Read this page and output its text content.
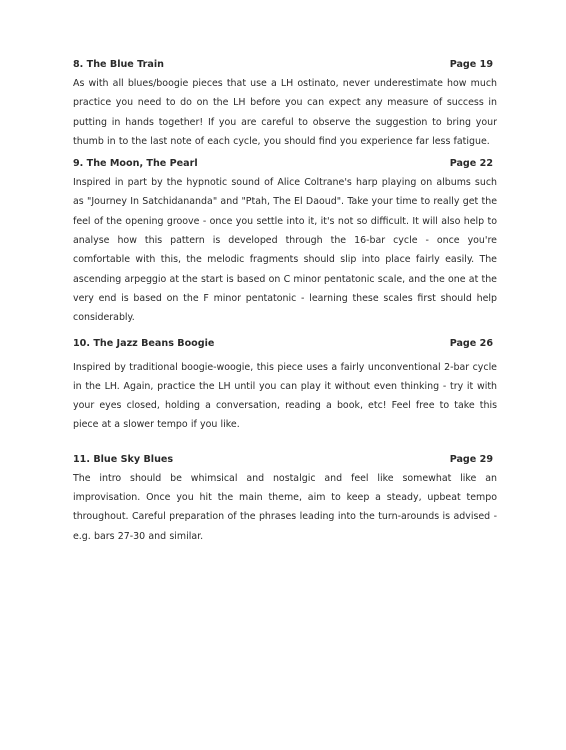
8. The Blue Train	Page 19

As with all blues/boogie pieces that use a LH ostinato, never underestimate how much practice you need to do on the LH before you can expect any measure of success in putting in hands together! If you are careful to observe the suggestion to bring your thumb in to the last note of each cycle, you should find you experience far less fatigue.

9. The Moon, The Pearl	Page 22

Inspired in part by the hypnotic sound of Alice Coltrane's harp playing on albums such as "Journey In Satchidananda" and "Ptah, The El Daoud". Take your time to really get the feel of the opening groove - once you settle into it, it's not so difficult. It will also help to analyse how this pattern is developed through the 16-bar cycle - once you're comfortable with this, the melodic fragments should slip into place fairly easily. The ascending arpeggio at the start is based on C minor pentatonic scale, and the one at the very end is based on the F minor pentatonic - learning these scales first should help considerably.

10. The Jazz Beans Boogie	Page 26

Inspired by traditional boogie-woogie, this piece uses a fairly unconventional 2-bar cycle in the LH. Again, practice the LH until you can play it without even thinking - try it with your eyes closed, holding a conversation, reading a book, etc! Feel free to take this piece at a slower tempo if you like.

11. Blue Sky Blues	Page 29

The intro should be whimsical and nostalgic and feel like somewhat like an improvisation. Once you hit the main theme, aim to keep a steady, upbeat tempo throughout. Careful preparation of the phrases leading into the turn-arounds is advised - e.g. bars 27-30 and similar.
